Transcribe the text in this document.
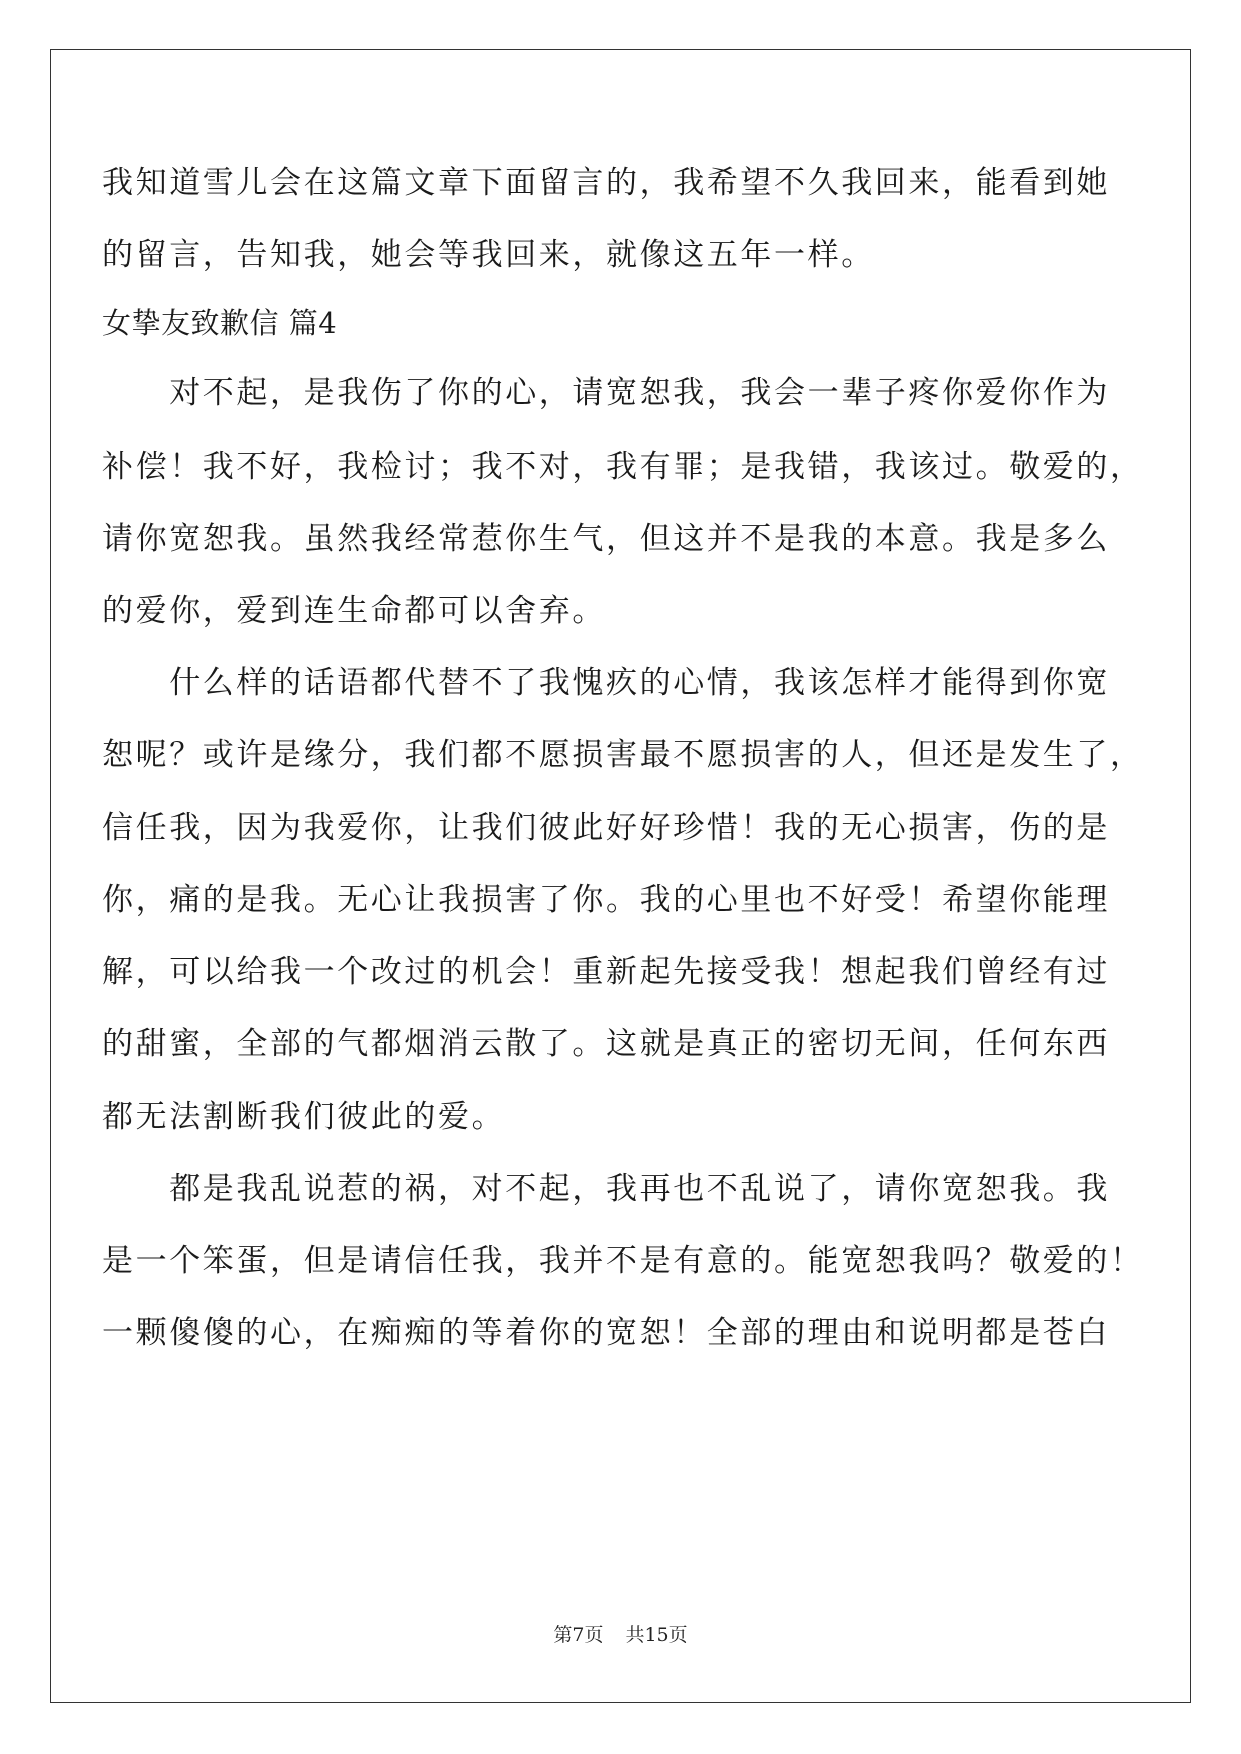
我知道雪儿会在这篇文章下面留言的，我希望不久我回来，能看到她
的留言，告知我，她会等我回来，就像这五年一样。
女挚友致歉信 篇4
　　对不起，是我伤了你的心，请宽恕我，我会一辈子疼你爱你作为
补偿！我不好，我检讨；我不对，我有罪；是我错，我该过。敬爱的，
请你宽恕我。虽然我经常惹你生气，但这并不是我的本意。我是多么
的爱你，爱到连生命都可以舍弃。
　　什么样的话语都代替不了我愧疚的心情，我该怎样才能得到你宽
恕呢？或许是缘分，我们都不愿损害最不愿损害的人，但还是发生了，
信任我，因为我爱你，让我们彼此好好珍惜！我的无心损害，伤的是
你，痛的是我。无心让我损害了你。我的心里也不好受！希望你能理
解，可以给我一个改过的机会！重新起先接受我！想起我们曾经有过
的甜蜜，全部的气都烟消云散了。这就是真正的密切无间，任何东西
都无法割断我们彼此的爱。
　　都是我乱说惹的祸，对不起，我再也不乱说了，请你宽恕我。我
是一个笨蛋，但是请信任我，我并不是有意的。能宽恕我吗？敬爱的！
一颗傻傻的心，在痴痴的等着你的宽恕！全部的理由和说明都是苍白
第7页 共15页
